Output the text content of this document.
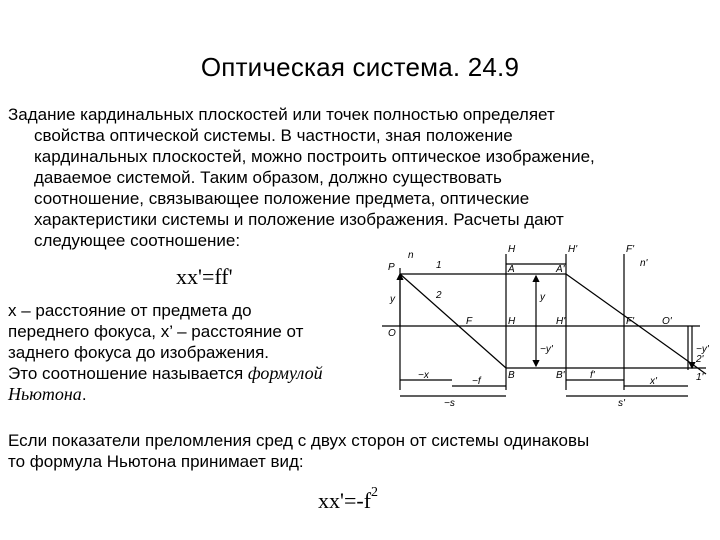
Оптическая система. 24.9
Задание кардинальных плоскостей или точек полностью определяет
свойства оптической системы. В частности, зная положение
кардинальных плоскостей, можно построить оптическое изображение,
даваемое системой. Таким образом, должно существовать
соотношение, связывающее положение предмета, оптические
характеристики системы и положение изображения. Расчеты дают
следующее соотношение:
xx'=ff'
x – расстояние от предмета до
переднего фокуса, x’ – расстояние от
заднего фокуса до изображения.
Это соотношение называется формулой
Ньютона.
Если показатели преломления сред с двух сторон от системы одинаковы
то формула Ньютона принимает вид:
$xx'=-f^2$
P
n
H	H'	F'
n'
1
2
A	A'
y	y
O
F	H	H'	F'	O'
−y'	−y'
B	B'	1'
2'
−x
−f
−s
f'
x'
s'
